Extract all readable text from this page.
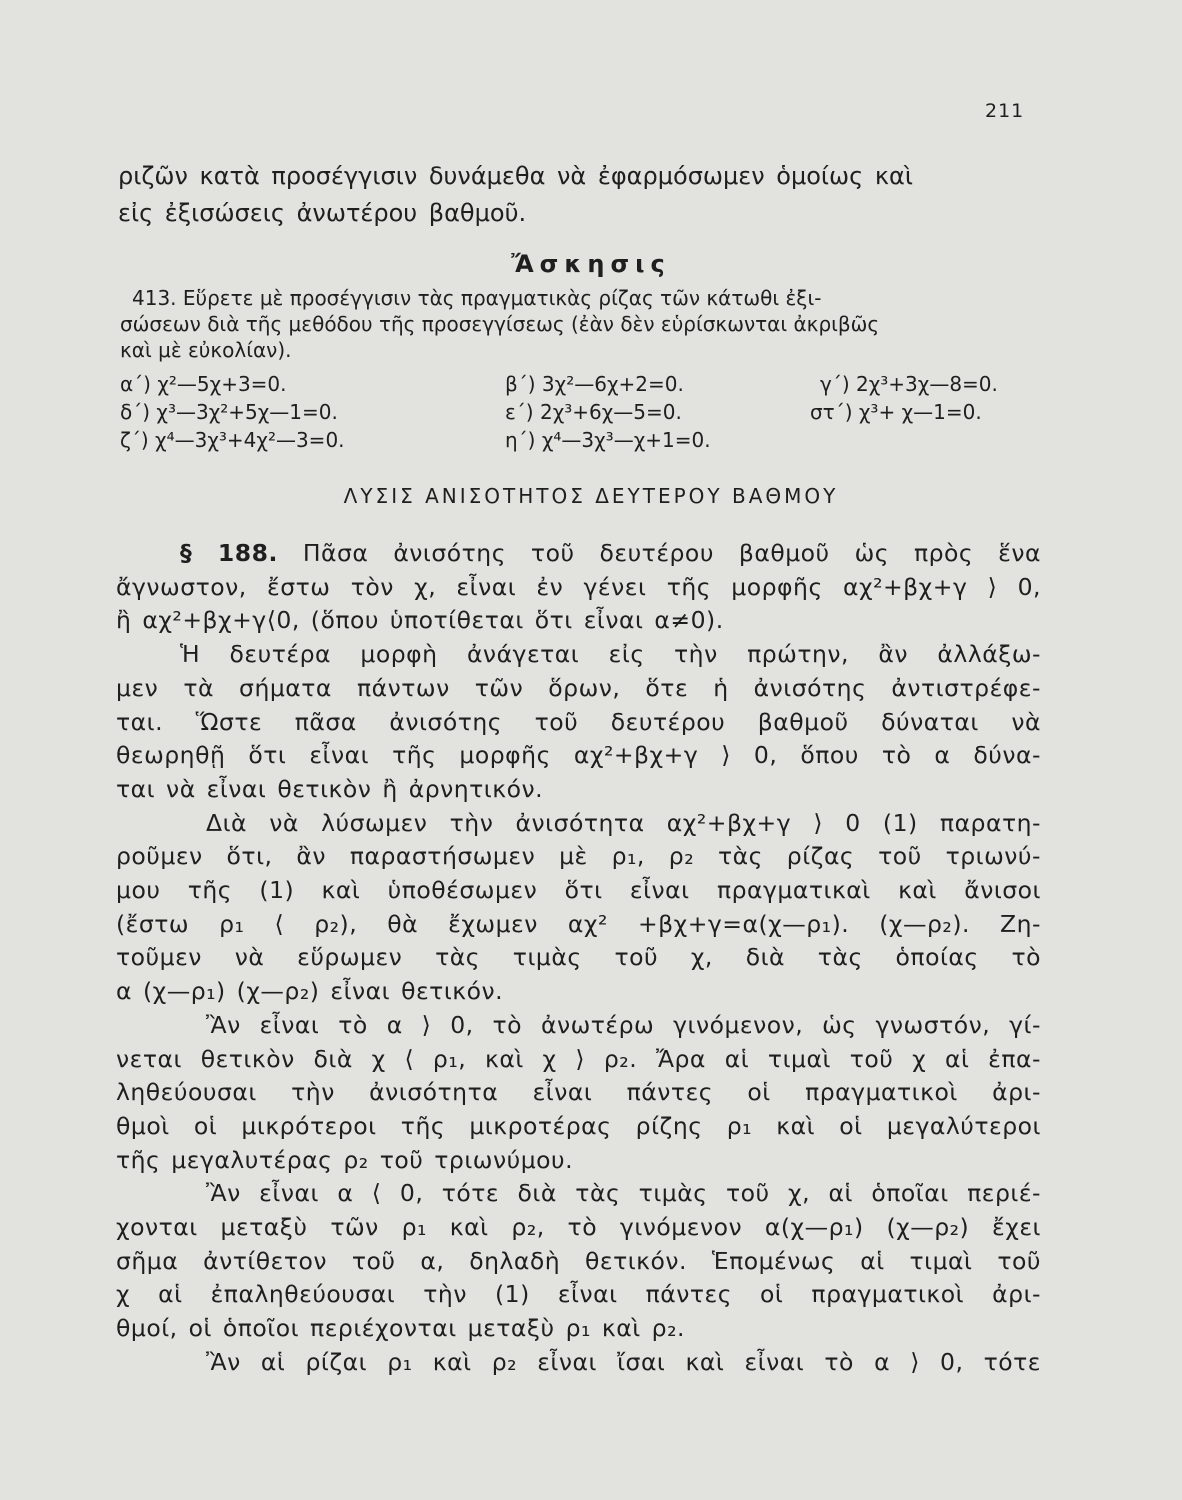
211
ριζῶν κατὰ προσέγγισιν δυνάμεθα νὰ ἐφαρμόσωμεν ὁμοίως καὶ
εἰς ἐξισώσεις ἀνωτέρου βαθμοῦ.
Ἄσκησις
413. Εὕρετε μὲ προσέγγισιν τὰς πραγματικὰς ρίζας τῶν κάτωθι ἐξι-
σώσεων διὰ τῆς μεθόδου τῆς προσεγγίσεως (ἐὰν δὲν εὑρίσκωνται ἀκριβῶς
καὶ μὲ εὐκολίαν).
α΄) χ²—5χ+3=0.	β΄) 3χ²—6χ+2=0.	γ΄) 2χ³+3χ—8=0.
δ΄) χ³—3χ²+5χ—1=0.	ε΄) 2χ³+6χ—5=0.	στ΄) χ³+ χ—1=0.
ζ΄) χ⁴—3χ³+4χ²—3=0.	η΄) χ⁴—3χ³—χ+1=0.
ΛΥΣΙΣ ΑΝΙΣΟΤΗΤΟΣ ΔΕΥΤΕΡΟΥ ΒΑΘΜΟΥ

§ 188. Πᾶσα ἀνισότης τοῦ δευτέρου βαθμοῦ ὡς πρὸς ἕνα

ἄγνωστον, ἔστω τὸν χ, εἶναι ἐν γένει τῆς μορφῆς αχ²+βχ+γ ⟩ 0,

ἢ αχ²+βχ+γ⟨0, (ὅπου ὑποτίθεται ὅτι εἶναι α≠0).

Ἡ δευτέρα μορφὴ ἀνάγεται εἰς τὴν πρώτην, ἂν ἀλλάξω-

μεν τὰ σήματα πάντων τῶν ὅρων, ὅτε ἡ ἀνισότης ἀντιστρέφε-

ται. Ὥστε πᾶσα ἀνισότης τοῦ δευτέρου βαθμοῦ δύναται νὰ

θεωρηθῇ ὅτι εἶναι τῆς μορφῆς αχ²+βχ+γ ⟩ 0, ὅπου τὸ α δύνα-

ται νὰ εἶναι θετικὸν ἢ ἀρνητικόν.

Διὰ νὰ λύσωμεν τὴν ἀνισότητα αχ²+βχ+γ ⟩ 0 (1) παρατη-

ροῦμεν ὅτι, ἂν παραστήσωμεν μὲ ρ₁, ρ₂ τὰς ρίζας τοῦ τριωνύ-

μου τῆς (1) καὶ ὑποθέσωμεν ὅτι εἶναι πραγματικαὶ καὶ ἄνισοι

(ἔστω ρ₁ ⟨ ρ₂), θὰ ἔχωμεν αχ² +βχ+γ=α(χ—ρ₁). (χ—ρ₂). Ζη-

τοῦμεν νὰ εὕρωμεν τὰς τιμὰς τοῦ χ, διὰ τὰς ὁποίας τὸ

α (χ—ρ₁) (χ—ρ₂) εἶναι θετικόν.

Ἂν εἶναι τὸ α ⟩ 0, τὸ ἀνωτέρω γινόμενον, ὡς γνωστόν, γί-

νεται θετικὸν διὰ χ ⟨ ρ₁, καὶ χ ⟩ ρ₂. Ἄρα αἱ τιμαὶ τοῦ χ αἱ ἐπα-

ληθεύουσαι τὴν ἀνισότητα εἶναι πάντες οἱ πραγματικοὶ ἀρι-

θμοὶ οἱ μικρότεροι τῆς μικροτέρας ρίζης ρ₁ καὶ οἱ μεγαλύτεροι

τῆς μεγαλυτέρας ρ₂ τοῦ τριωνύμου.

Ἂν εἶναι α ⟨ 0, τότε διὰ τὰς τιμὰς τοῦ χ, αἱ ὁποῖαι περιέ-

χονται μεταξὺ τῶν ρ₁ καὶ ρ₂, τὸ γινόμενον α(χ—ρ₁) (χ—ρ₂) ἔχει

σῆμα ἀντίθετον τοῦ α, δηλαδὴ θετικόν. Ἑπομένως αἱ τιμαὶ τοῦ

χ αἱ ἐπαληθεύουσαι τὴν (1) εἶναι πάντες οἱ πραγματικοὶ ἀρι-

θμοί, οἱ ὁποῖοι περιέχονται μεταξὺ ρ₁ καὶ ρ₂.

Ἂν αἱ ρίζαι ρ₁ καὶ ρ₂ εἶναι ἴσαι καὶ εἶναι τὸ α ⟩ 0, τότε
